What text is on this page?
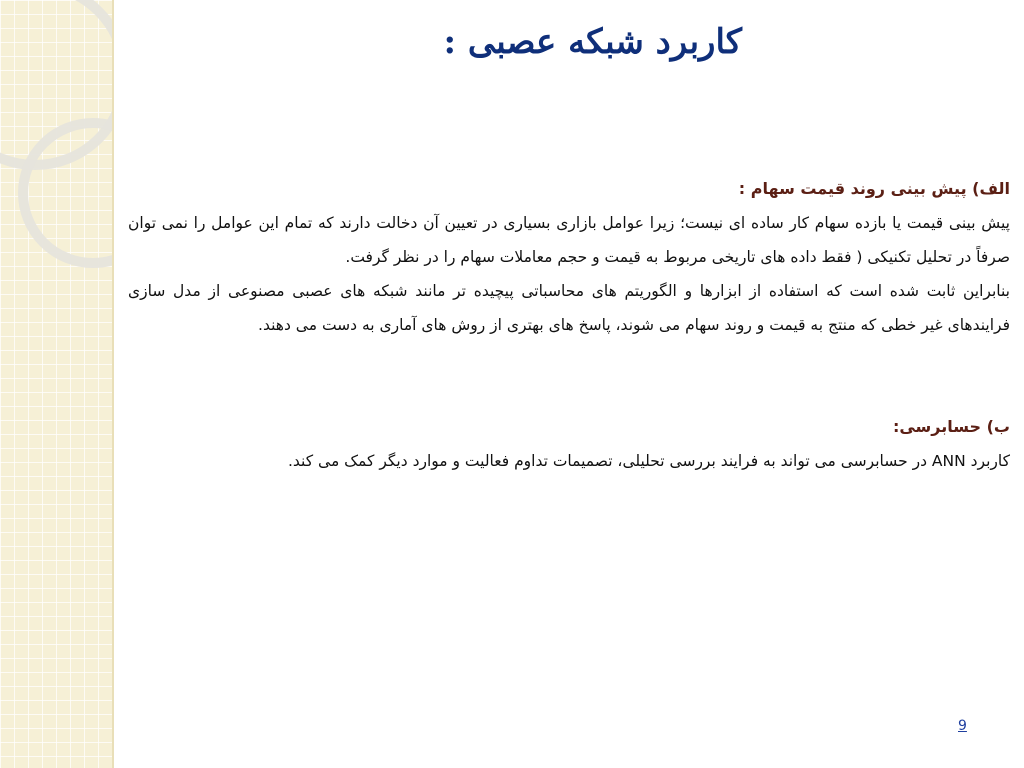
کاربرد شبکه عصبی :

الف) پیش بینی روند قیمت سهام :

پیش بینی قیمت یا بازده سهام کار ساده ای نیست؛ زیرا عوامل بازاری بسیاری در تعیین آن دخالت دارند که تمام این عوامل را نمی توان صرفاً در تحلیل تکنیکی ( فقط داده های تاریخی مربوط به قیمت و حجم معاملات سهام را در نظر گرفت.

بنابراین ثابت شده است که استفاده از ابزارها و الگوریتم های محاسباتی پیچیده تر مانند شبکه های عصبی مصنوعی از مدل سازی فرایندهای غیر خطی که منتج به قیمت و روند سهام می شوند، پاسخ های بهتری از روش های آماری به دست می دهند.

ب) حسابرسی:

کاربرد ANN در حسابرسی می تواند به فرایند بررسی تحلیلی، تصمیمات تداوم فعالیت و موارد دیگر کمک می کند.

9
